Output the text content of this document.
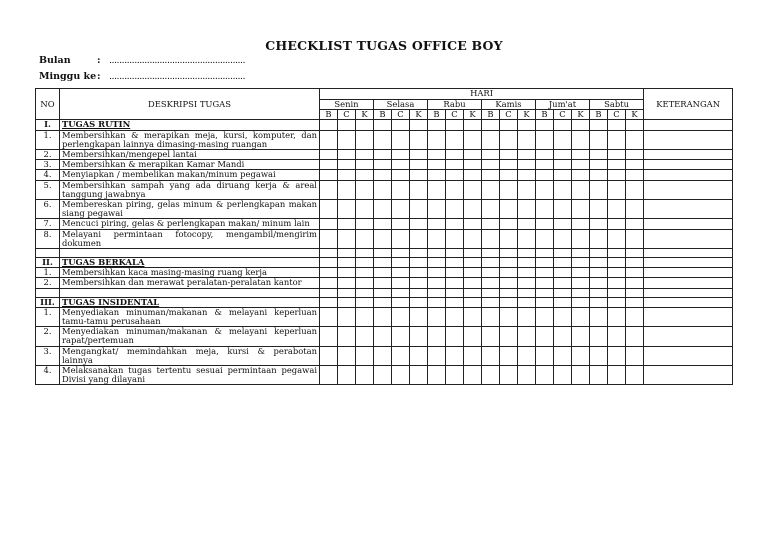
CHECKLIST TUGAS OFFICE BOY
Bulan	: ......................................................
Minggu ke: ......................................................
NO	DESKRIPSI TUGAS	HARI																		KETERANGAN
		Senin			Selasa			Rabu			Kamis			Jum'at			Sabtu			
		B	C	K	B	C	K	B	C	K	B	C	K	B	C	K	B	C	K	
I.	TUGAS RUTIN																			
1.	Membersihkan & merapikan meja, kursi, komputer, dan perlengkapan lainnya dimasing-masing ruangan																			
2.	Membersihkan/mengepel lantai																			
3.	Membersihkan & merapikan Kamar Mandi																			
4.	Menyiapkan / membelikan makan/minum pegawai																			
5.	Membersihkan sampah yang ada diruang kerja & areal tanggung jawabnya																			
6.	Membereskan piring, gelas minum & perlengkapan makan siang pegawai																			
7.	Mencuci piring, gelas & perlengkapan makan/ minum lain																			
8.	Melayani permintaan fotocopy, mengambil/mengirim dokumen																			

II.	TUGAS BERKALA																			
1.	Membersihkan kaca masing-masing ruang kerja																			
2.	Membersihkan dan merawat peralatan-peralatan kantor																			

III.	TUGAS INSIDENTAL																			
1.	Menyediakan minuman/makanan & melayani keperluan tamu-tamu perusahaan																			
2.	Menyediakan minuman/makanan & melayani keperluan rapat/pertemuan																			
3.	Mengangkat/ memindahkan meja, kursi & perabotan lainnya																			
4.	Melaksanakan tugas tertentu sesuai permintaan pegawai Divisi yang dilayani																			
